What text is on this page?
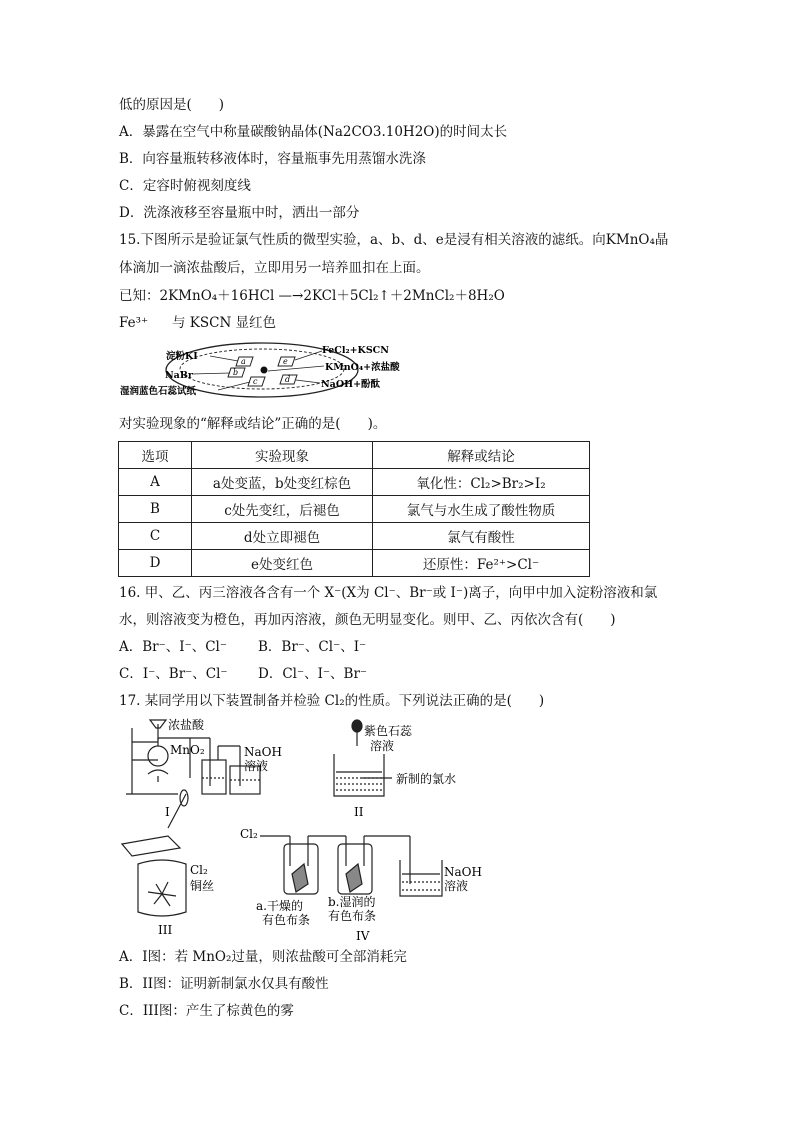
低的原因是(　　)
A．暴露在空气中称量碳酸钠晶体(Na2CO3.10H2O)的时间太长
B．向容量瓶转移液体时，容量瓶事先用蒸馏水洗涤
C．定容时俯视刻度线
D．洗涤液移至容量瓶中时，洒出一部分
15.下图所示是验证氯气性质的微型实验，a、b、d、e是浸有相关溶液的滤纸。向KMnO₄晶
体滴加一滴浓盐酸后，立即用另一培养皿扣在上面。
已知：2KMnO₄＋16HCl —→2KCl＋5Cl₂↑＋2MnCl₂＋8H₂O
Fe³⁺ 与 KSCN 显红色
a
b
c	d
e
淀粉KI
NaBr
湿润蓝色石蕊试纸
FeCl₂+KSCN
KMnO₄+浓盐酸
NaOH+酚酞
对实验现象的“解释或结论”正确的是(　　)。
选项	实验现象	解释或结论
A	a处变蓝，b处变红棕色	氧化性：Cl₂>Br₂>I₂
B	c处先变红，后褪色	氯气与水生成了酸性物质
C	d处立即褪色	氯气有酸性
D	e处变红色	还原性：Fe²⁺>Cl⁻
16. 甲、乙、丙三溶液各含有一个 X⁻(X为 Cl⁻、Br⁻或 I⁻)离子，向甲中加入淀粉溶液和氯
水，则溶液变为橙色，再加丙溶液，颜色无明显变化。则甲、乙、丙依次含有(　　)
A．Br⁻、I⁻、Cl⁻ B．Br⁻、Cl⁻、I⁻
C．I⁻、Br⁻、Cl⁻ D．Cl⁻、I⁻、Br⁻
17. 某同学用以下装置制备并检验 Cl₂的性质。下列说法正确的是(　　)
浓盐酸
MnO₂	NaOH
溶液
I
紫色石蕊
溶液
新制的氯水
II
Cl₂
铜丝
III
Cl₂
a.干燥的
有色布条
b.湿润的
有色布条
NaOH
溶液
IV
A．I图：若 MnO₂过量，则浓盐酸可全部消耗完
B．II图：证明新制氯水仅具有酸性
C．III图：产生了棕黄色的雾
